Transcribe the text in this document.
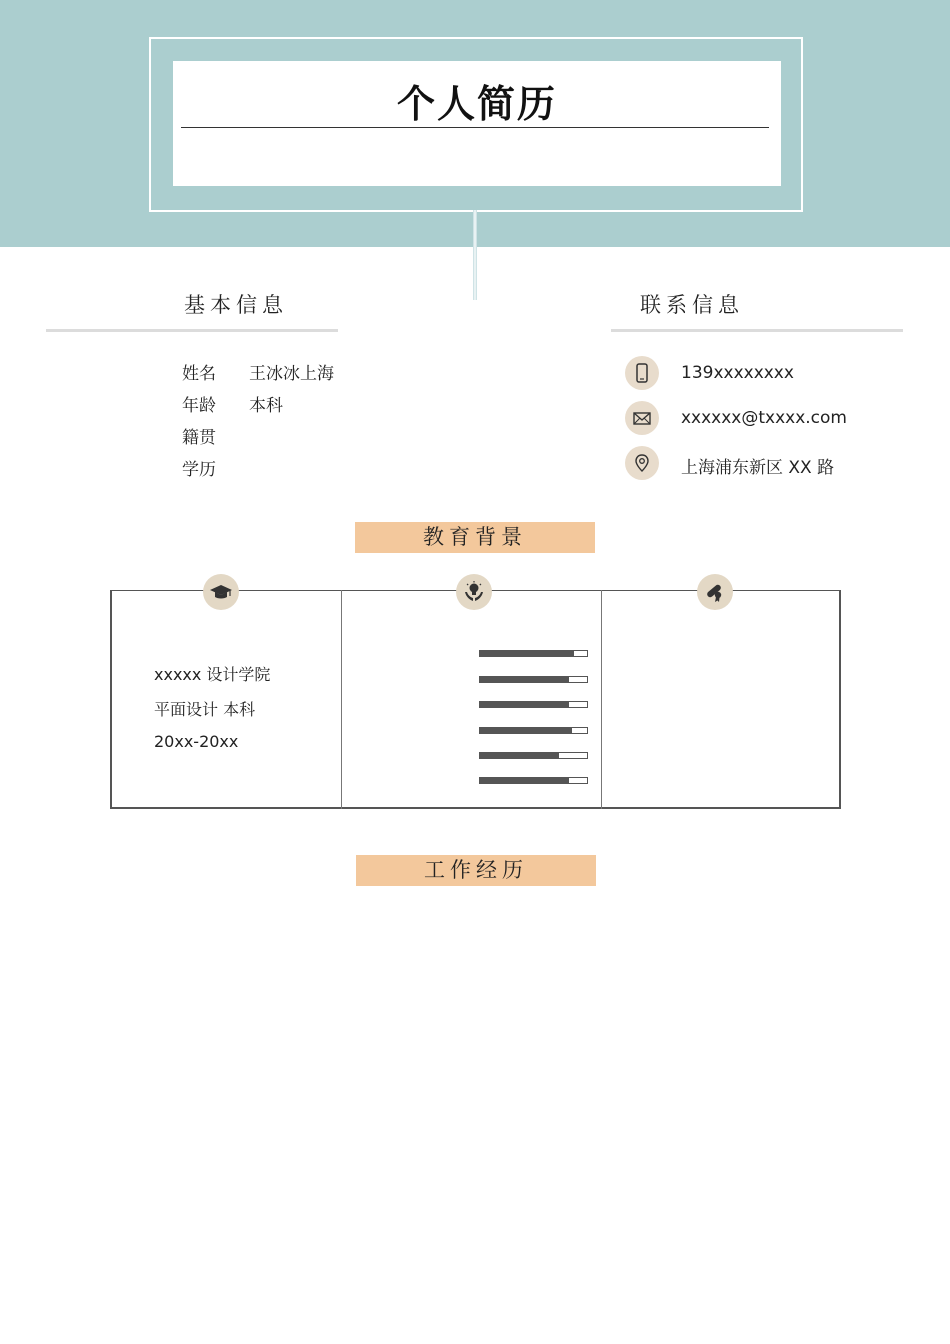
个人简历
基本信息
姓名 王冰冰上海
年龄 本科
籍贯
学历
联系信息
139xxxxxxxx
xxxxxx@txxxx.com
上海浦东新区 XX 路
教育背景
xxxxx 设计学院
平面设计 本科
20xx-20xx
工作经历
